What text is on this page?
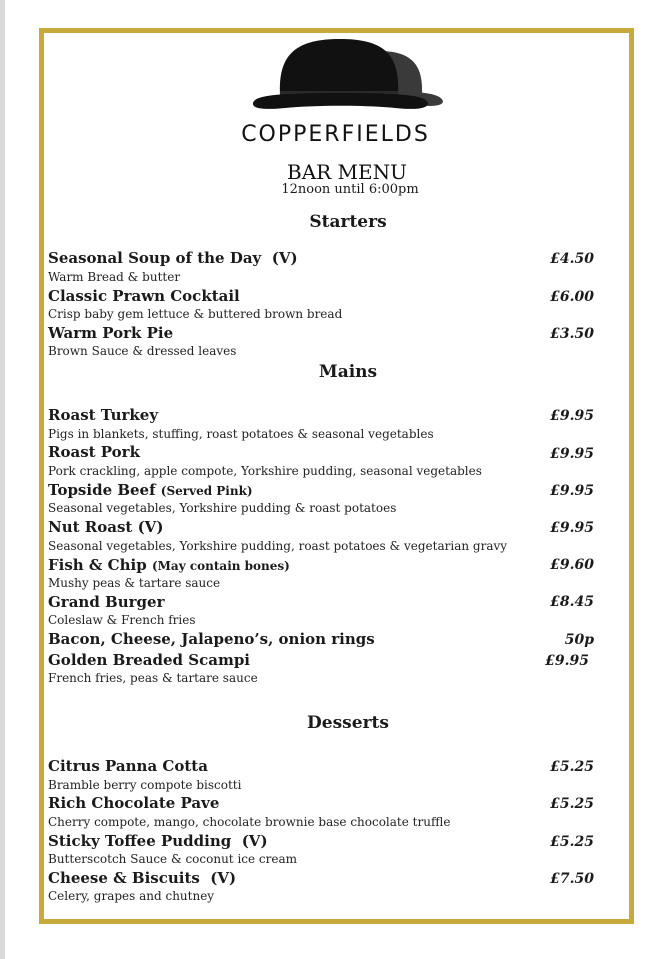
COPPERFIELDS
BAR MENU
12noon until 6:00pm
Starters
Seasonal Soup of the Day (V)	£4.50
Warm Bread & butter
Classic Prawn Cocktail	£6.00
Crisp baby gem lettuce & buttered brown bread
Warm Pork Pie	£3.50
Brown Sauce & dressed leaves
Mains
Roast Turkey	£9.95
Pigs in blankets, stuffing, roast potatoes & seasonal vegetables
Roast Pork	£9.95
Pork crackling, apple compote, Yorkshire pudding, seasonal vegetables
Topside Beef (Served Pink)	£9.95
Seasonal vegetables, Yorkshire pudding & roast potatoes
Nut Roast (V)	£9.95
Seasonal vegetables, Yorkshire pudding, roast potatoes & vegetarian gravy
Fish & Chip (May contain bones)	£9.60
Mushy peas & tartare sauce
Grand Burger	£8.45
Coleslaw & French fries
Bacon, Cheese, Jalapeno’s, onion rings	50p
Golden Breaded Scampi	£9.95
French fries, peas & tartare sauce
Desserts
Citrus Panna Cotta	£5.25
Bramble berry compote biscotti
Rich Chocolate Pave	£5.25
Cherry compote, mango, chocolate brownie base chocolate truffle
Sticky Toffee Pudding (V)	£5.25
Butterscotch Sauce & coconut ice cream
Cheese & Biscuits (V)	£7.50
Celery, grapes and chutney
